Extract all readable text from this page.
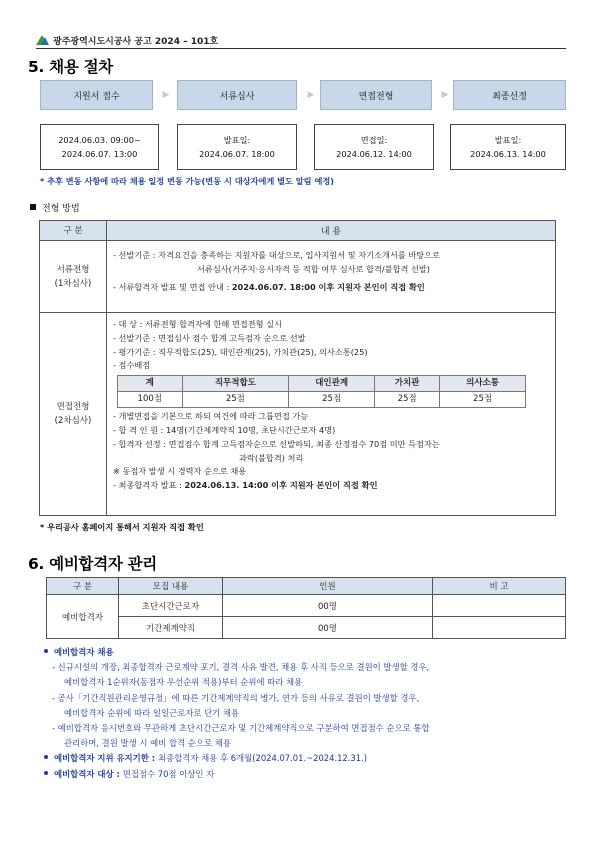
광주광역시도시공사 공고 2024 – 101호
5. 채용 절차
지원서 접수	▶	서류심사	▶	면접전형	▶	최종선정
2024.06.03. 09:00~
2024.06.07. 13:00
발표일:
2024.06.07. 18:00
면접일:
2024.06.12. 14:00
발표일:
2024.06.13. 14:00
* 추후 변동 사항에 따라 채용 일정 변동 가능(변동 시 대상자에게 별도 알림 예정)
전형 방법
구 분	내 용

서류전형
(1차심사)

- 선발기준 : 자격요건을 충족하는 지원자를 대상으로, 입사지원서 및 자기소개서를 바탕으로
서류심사(거주지·응시자격 등 적합 여부 심사로 합격/불합격 선발)
- 서류합격자 발표 및 면접 안내 : 2024.06.07. 18:00 이후 지원자 본인이 직접 확인

면접전형
(2차심사)

- 대 상 : 서류전형 합격자에 한해 면접전형 실시
- 선발기준 : 면접심사 점수 합계 고득점자 순으로 선발
- 평가기준 : 직무적합도(25), 대인관계(25), 가치관(25), 의사소통(25)
- 점수배점
계	직무적합도	대인관계	가치관	의사소통
100점	25점	25점	25점	25점
- 개별면접을 기본으로 하되 여건에 따라 그룹면접 가능
- 합 격 인 원 : 14명(기간제계약직 10명, 초단시간근로자 4명)
- 합격자 선정 : 면접점수 합계 고득점자순으로 선발하되, 최종 산정점수 70점 미만 득점자는
과락(불합격) 처리
※ 동점자 발생 시 경력자 순으로 채용
- 최종합격자 발표 : 2024.06.13. 14:00 이후 지원자 본인이 직접 확인
* 우리공사 홈페이지 통해서 지원자 직접 확인
6. 예비합격자 관리
구 분	모집 내용	인원	비 고
예비합격자	초단시간근로자	00명	
	기간제계약직	00명	
예비합격자 채용
- 신규시설의 개장, 최종합격자 근로계약 포기, 결격 사유 발견, 채용 후 사직 등으로 결원이 발생할 경우,
예비합격자 1순위자(동점자 우선순위 적용)부터 순위에 따라 채용
- 공사「기간직원관리운영규정」에 따른 기간제계약직의 병가, 연가 등의 사유로 결원이 발생할 경우,
예비합격자 순위에 따라 일일근로자로 단기 채용
- 예비합격자 응시번호와 무관하게 초단시간근로자 및 기간제계약직으로 구분하여 면접점수 순으로 통합
관리하며, 결원 발생 시 예비 합격 순으로 채용
예비합격자 지위 유지기한 : 최종합격자 채용 후 6개월(2024.07.01.~2024.12.31.)
예비합격자 대상 : 면접점수 70점 이상인 자
